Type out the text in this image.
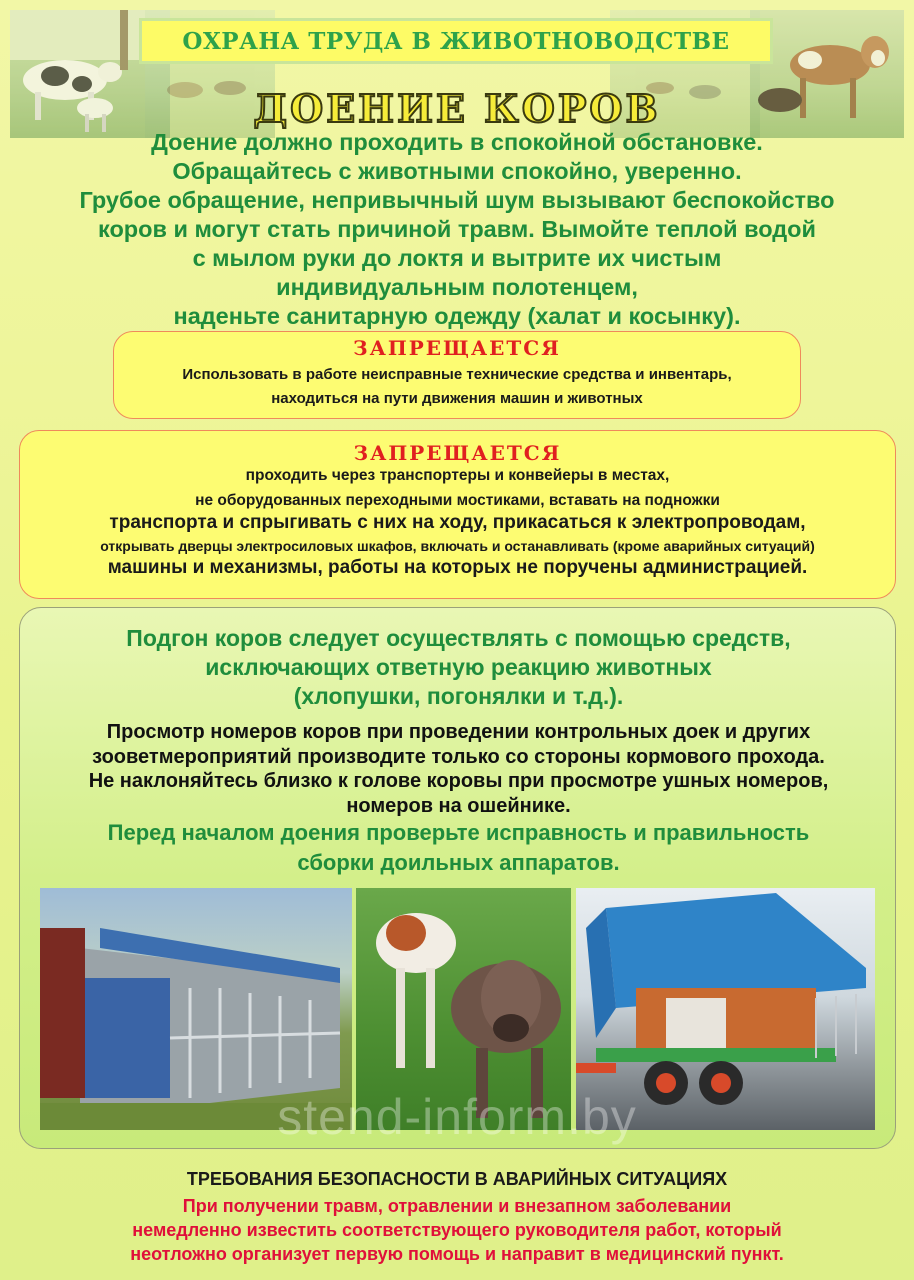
ОХРАНА ТРУДА В ЖИВОТНОВОДСТВЕ
ДОЕНИЕ КОРОВ
Доение должно проходить в спокойной обстановке.
Обращайтесь с животными спокойно, уверенно.
Грубое обращение, непривычный шум вызывают беспокойство
коров и могут стать причиной травм. Вымойте теплой водой
с мылом руки до локтя и вытрите их чистым
индивидуальным полотенцем,
наденьте санитарную одежду (халат и косынку).
ЗАПРЕЩАЕТСЯ
Использовать в работе неисправные технические средства и инвентарь,
находиться на пути движения машин и животных
ЗАПРЕЩАЕТСЯ
проходить через транспортеры и конвейеры в местах,
не оборудованных переходными мостиками, вставать на подножки
транспорта и спрыгивать с них на ходу, прикасаться к электропроводам,
открывать дверцы электросиловых шкафов, включать и останавливать (кроме аварийных ситуаций)
машины и механизмы, работы на которых не поручены администрацией.
Подгон коров следует осуществлять с помощью средств,
исключающих ответную реакцию животных
(хлопушки, погонялки и т.д.).
Просмотр номеров коров при проведении контрольных доек и других
зооветмероприятий производите только со стороны кормового прохода.
Не наклоняйтесь близко к голове коровы при просмотре ушных номеров,
номеров на ошейнике.
Перед началом доения проверьте исправность и правильность
сборки доильных аппаратов.
stend-inform.by
ТРЕБОВАНИЯ БЕЗОПАСНОСТИ В АВАРИЙНЫХ СИТУАЦИЯХ
При получении травм, отравлении и внезапном заболевании
немедленно известить соответствующего руководителя работ, который
неотложно организует первую помощь и направит в медицинский пункт.
